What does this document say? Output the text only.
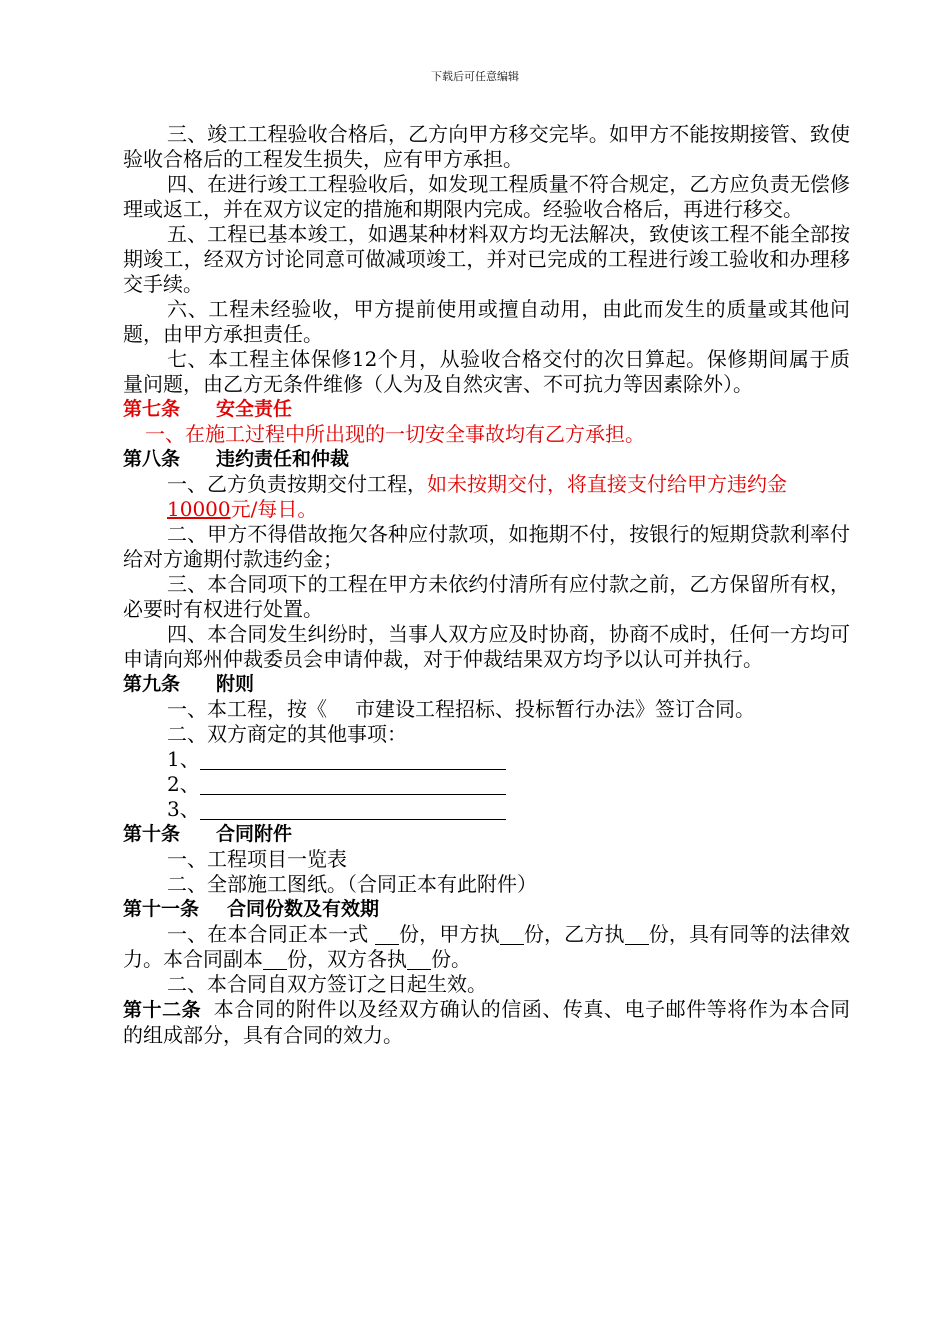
下载后可任意编辑

三、竣工工程验收合格后，乙方向甲方移交完毕。如甲方不能按期接管、致使验收合格后的工程发生损失，应有甲方承担。

四、在进行竣工工程验收后，如发现工程质量不符合规定，乙方应负责无偿修理或返工，并在双方议定的措施和期限内完成。经验收合格后，再进行移交。

五、工程已基本竣工，如遇某种材料双方均无法解决，致使该工程不能全部按期竣工，经双方讨论同意可做减项竣工，并对已完成的工程进行竣工验收和办理移交手续。

六、工程未经验收，甲方提前使用或擅自动用，由此而发生的质量或其他问题，由甲方承担责任。

七、本工程主体保修12个月，从验收合格交付的次日算起。保修期间属于质量问题，由乙方无条件维修（人为及自然灾害、不可抗力等因素除外）。

第七条 安全责任

一、在施工过程中所出现的一切安全事故均有乙方承担。

第八条 违约责任和仲裁

一、乙方负责按期交付工程，如未按期交付，将直接支付给甲方违约金

10000元/每日。

二、甲方不得借故拖欠各种应付款项，如拖期不付，按银行的短期贷款利率付给对方逾期付款违约金；

三、本合同项下的工程在甲方未依约付清所有应付款之前，乙方保留所有权，必要时有权进行处置。

四、本合同发生纠纷时，当事人双方应及时协商，协商不成时，任何一方均可申请向郑州仲裁委员会申请仲裁，对于仲裁结果双方均予以认可并执行。

第九条 附则

一、本工程，按《 市建设工程招标、投标暂行办法》签订合同。

二、双方商定的其他事项：

1、

2、

3、

第十条 合同附件

一、工程项目一览表

二、全部施工图纸。（合同正本有此附件）

第十一条 合同份数及有效期

一、在本合同正本一式 份，甲方执 份，乙方执 份，具有同等的法律效力。本合同副本 份，双方各执 份。

二、本合同自双方签订之日起生效。

第十二条 本合同的附件以及经双方确认的信函、传真、电子邮件等将作为本合同的组成部分，具有合同的效力。
